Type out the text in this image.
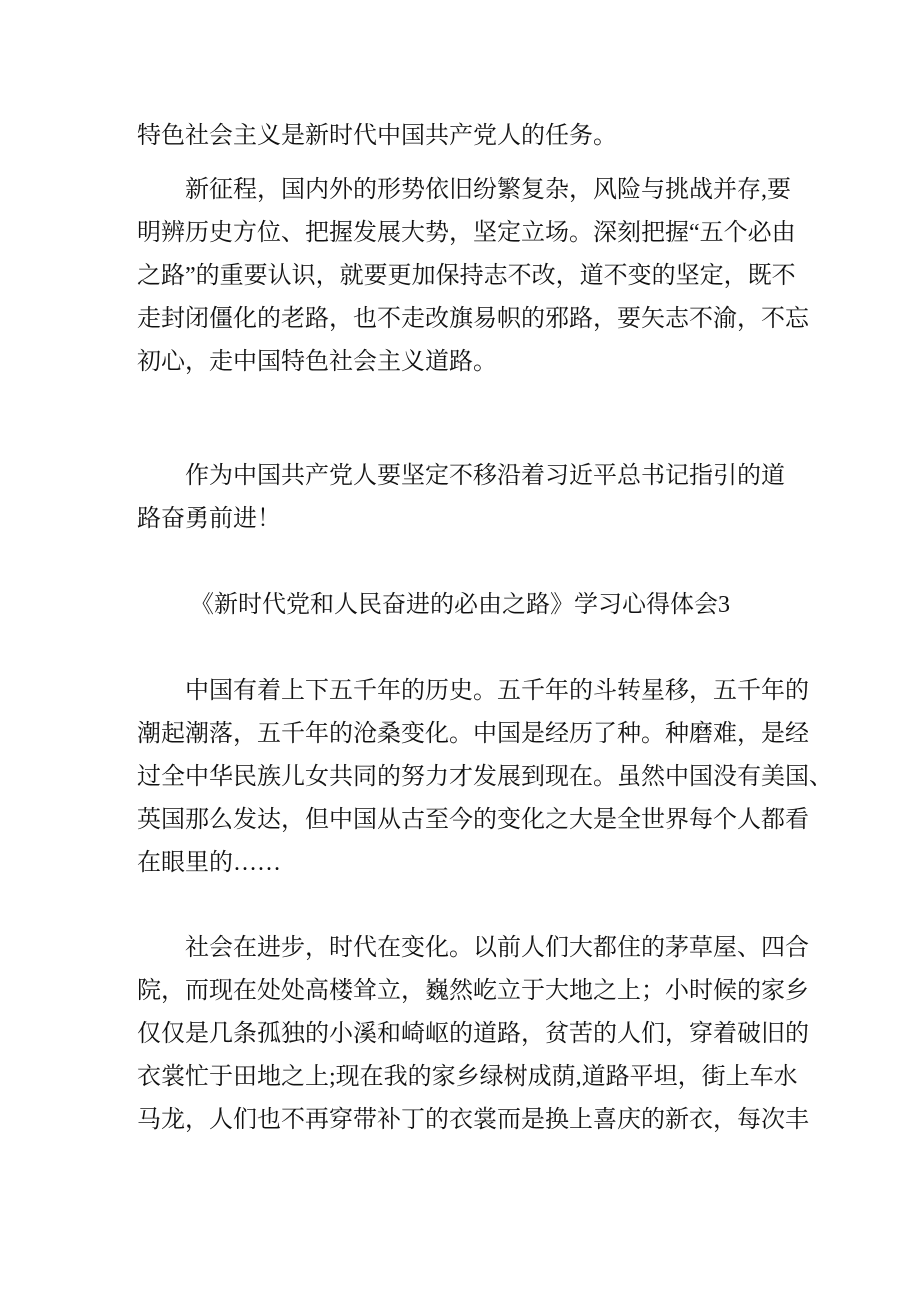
特色社会主义是新时代中国共产党人的任务。
　　新征程，国内外的形势依旧纷繁复杂，风险与挑战并存,要
明辨历史方位、把握发展大势，坚定立场。深刻把握“五个必由
之路”的重要认识，就要更加保持志不改，道不变的坚定，既不
走封闭僵化的老路，也不走改旗易帜的邪路，要矢志不渝，不忘
初心，走中国特色社会主义道路。
　　作为中国共产党人要坚定不移沿着习近平总书记指引的道
路奋勇前进！
《新时代党和人民奋进的必由之路》学习心得体会3
　　中国有着上下五千年的历史。五千年的斗转星移，五千年的
潮起潮落，五千年的沧桑变化。中国是经历了种。种磨难，是经
过全中华民族儿女共同的努力才发展到现在。虽然中国没有美国、
英国那么发达，但中国从古至今的变化之大是全世界每个人都看
在眼里的……
　　社会在进步，时代在变化。以前人们大都住的茅草屋、四合
院，而现在处处高楼耸立，巍然屹立于大地之上；小时候的家乡
仅仅是几条孤独的小溪和崎岖的道路，贫苦的人们，穿着破旧的
衣裳忙于田地之上;现在我的家乡绿树成荫,道路平坦，街上车水
马龙，人们也不再穿带补丁的衣裳而是换上喜庆的新衣，每次丰
